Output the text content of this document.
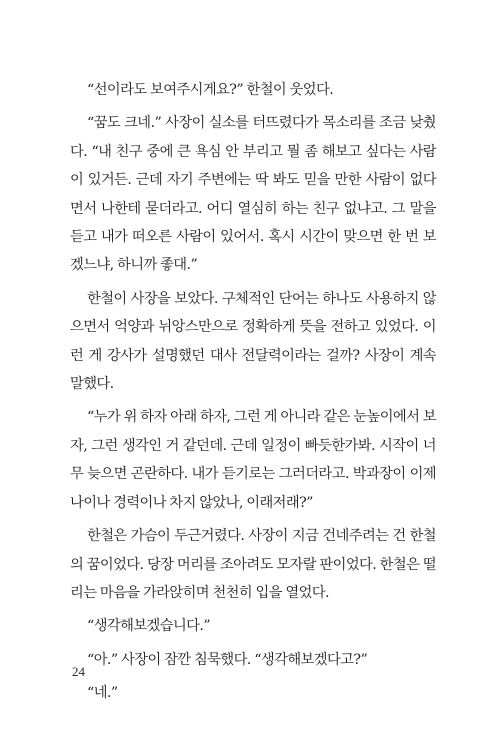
“선이라도 보여주시게요?” 한철이 웃었다.

“꿈도 크네.” 사장이 실소를 터뜨렸다가 목소리를 조금 낮췄다. “내 친구 중에 큰 욕심 안 부리고 뭘 좀 해보고 싶다는 사람이 있거든. 근데 자기 주변에는 딱 봐도 믿을 만한 사람이 없다면서 나한테 묻더라고. 어디 열심히 하는 친구 없냐고. 그 말을 듣고 내가 떠오른 사람이 있어서. 혹시 시간이 맞으면 한 번 보겠느냐, 하니까 좋대.”

한철이 사장을 보았다. 구체적인 단어는 하나도 사용하지 않으면서 억양과 뉘앙스만으로 정확하게 뜻을 전하고 있었다. 이런 게 강사가 설명했던 대사 전달력이라는 걸까? 사장이 계속 말했다.

“누가 위 하자 아래 하자, 그런 게 아니라 같은 눈높이에서 보자, 그런 생각인 거 같던데. 근데 일정이 빠듯한가봐. 시작이 너무 늦으면 곤란하다. 내가 듣기로는 그러더라고. 박과장이 이제 나이나 경력이나 차지 않았나, 이래저래?”

한철은 가슴이 두근거렸다. 사장이 지금 건네주려는 건 한철의 꿈이었다. 당장 머리를 조아려도 모자랄 판이었다. 한철은 떨리는 마음을 가라앉히며 천천히 입을 열었다.

“생각해보겠습니다.”

“아.” 사장이 잠깐 침묵했다. “생각해보겠다고?”

“네.”

24
